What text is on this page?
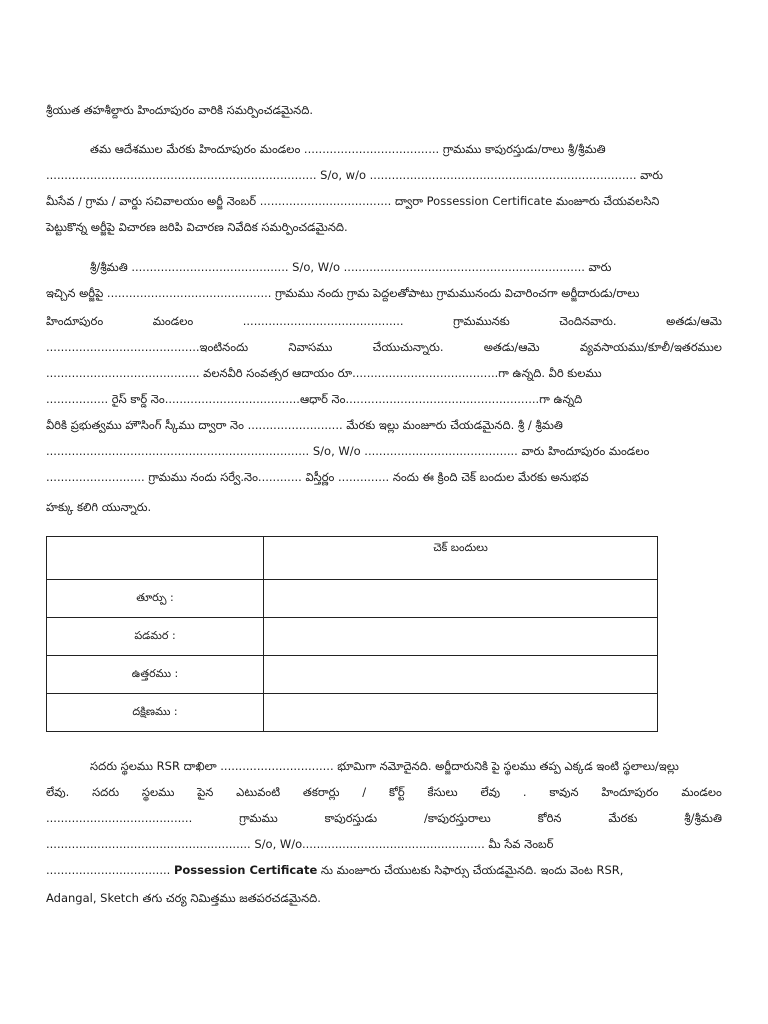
శ్రీయుత తహశీల్దారు హిందూపురం వారికి సమర్పించడమైనది.
తమ ఆదేశముల మేరకు హిందూపురం మండలం ..................................... గ్రామము కాపురస్తుడు/రాలు శ్రీ/శ్రీమతి
.......................................................................... S/o, w/o ......................................................................... వారు
మీసేవ / గ్రామ / వార్డు సచివాలయం అర్జీ నెంబర్ .................................... ద్వారా Possession Certificate మంజూరు చేయవలసిని
పెట్టుకొన్న అర్జీపై విచారణ జరిపి విచారణ నివేదిక సమర్పించడమైనది.
శ్రీ/శ్రీమతి ........................................... S/o, W/o .................................................................. వారు
ఇచ్చిన అర్జీపై ............................................. గ్రామము నందు గ్రామ పెద్దలతోపాటు గ్రామమునందు విచారించగా అర్జీదారుడు/రాలు
హిందూపురం	మండలం	............................................	గ్రామమునకు	చెందినవారు.	అతడు/ఆమె
..........................................ఇంటినందు	నివాసము	చేయుచున్నారు.	అతడు/ఆమె	వ్యవసాయము/కూలీ/ఇతరముల
.......................................... వలనవీరి సంవత్సర ఆదాయం రూ........................................గా ఉన్నది. వీరి కులము
................. రైస్ కార్డ్ నెం.....................................ఆధార్ నెం.....................................................గా ఉన్నది
వీరికి ప్రభుత్వము హౌసింగ్ స్కీము ద్వారా నెం .......................... మేరకు ఇల్లు మంజూరు చేయడమైనది. శ్రీ / శ్రీమతి
........................................................................ S/o, W/o .......................................... వారు హిందూపురం మండలం
........................... గ్రామము నందు సర్వే.నెం............ విస్తీర్ణం .............. నందు ఈ క్రింది చెక్ బందుల మేరకు అనుభవ
హక్కు కలిగి యున్నారు.
	చెక్ బందులు
తూర్పు :	
పడమర :	
ఉత్తరము :	
దక్షిణము :	
సదరు స్థలము RSR దాఖిలా ............................... భూమిగా నమోదైనది. అర్జీదారునికి పై స్థలము తప్ప ఎక్కడ ఇంటి స్థలాలు/ఇల్లు
లేవు. సదరు స్థలము పైన ఎటువంటి తకరార్లు / కోర్ట్ కేసులు లేవు . కావున హిందూపురం మండలం
........................................	గ్రామము	కాపురస్తుడు	/కాపురస్తురాలు	కోరిన	మేరకు	శ్రీ/శ్రీమతి
........................................................ S/o, W/o.................................................. మీ సేవ నెంబర్
.................................. Possession Certificate ను మంజూరు చేయుటకు సిఫార్సు చేయడమైనది. ఇందు వెంట RSR,
Adangal, Sketch తగు చర్య నిమిత్తము జతపరచడమైనది.
